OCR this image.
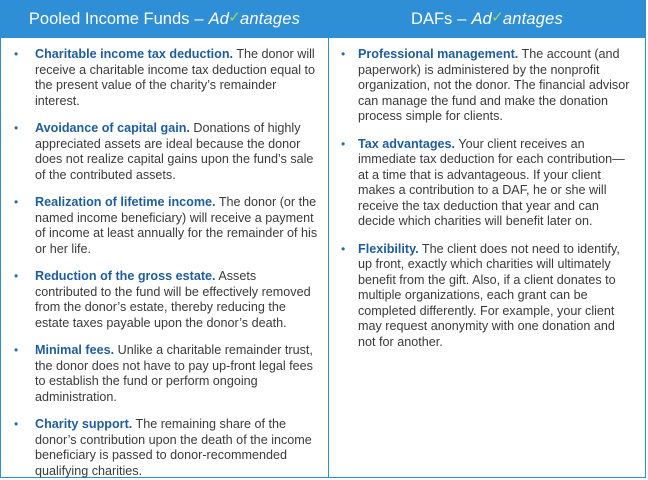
Pooled Income Funds – Ad✓antages
• Charitable income tax deduction. The donor will receive a charitable income tax deduction equal to the present value of the charity’s remainder interest.
• Avoidance of capital gain. Donations of highly appreciated assets are ideal because the donor does not realize capital gains upon the fund’s sale of the contributed assets.
• Realization of lifetime income. The donor (or the named income beneficiary) will receive a payment of income at least annually for the remainder of his or her life.
• Reduction of the gross estate. Assets contributed to the fund will be effectively removed from the donor’s estate, thereby reducing the estate taxes payable upon the donor’s death.
• Minimal fees. Unlike a charitable remainder trust, the donor does not have to pay up-front legal fees to establish the fund or perform ongoing administration.
• Charity support. The remaining share of the donor’s contribution upon the death of the income beneficiary is passed to donor-recommended qualifying charities.
DAFs – Ad✓antages
• Professional management. The account (and paperwork) is administered by the nonprofit organization, not the donor. The financial advisor can manage the fund and make the donation process simple for clients.
• Tax advantages. Your client receives an immediate tax deduction for each contribution—at a time that is advantageous. If your client makes a contribution to a DAF, he or she will receive the tax deduction that year and can decide which charities will benefit later on.
• Flexibility. The client does not need to identify, up front, exactly which charities will ultimately benefit from the gift. Also, if a client donates to multiple organizations, each grant can be completed differently. For example, your client may request anonymity with one donation and not for another.
